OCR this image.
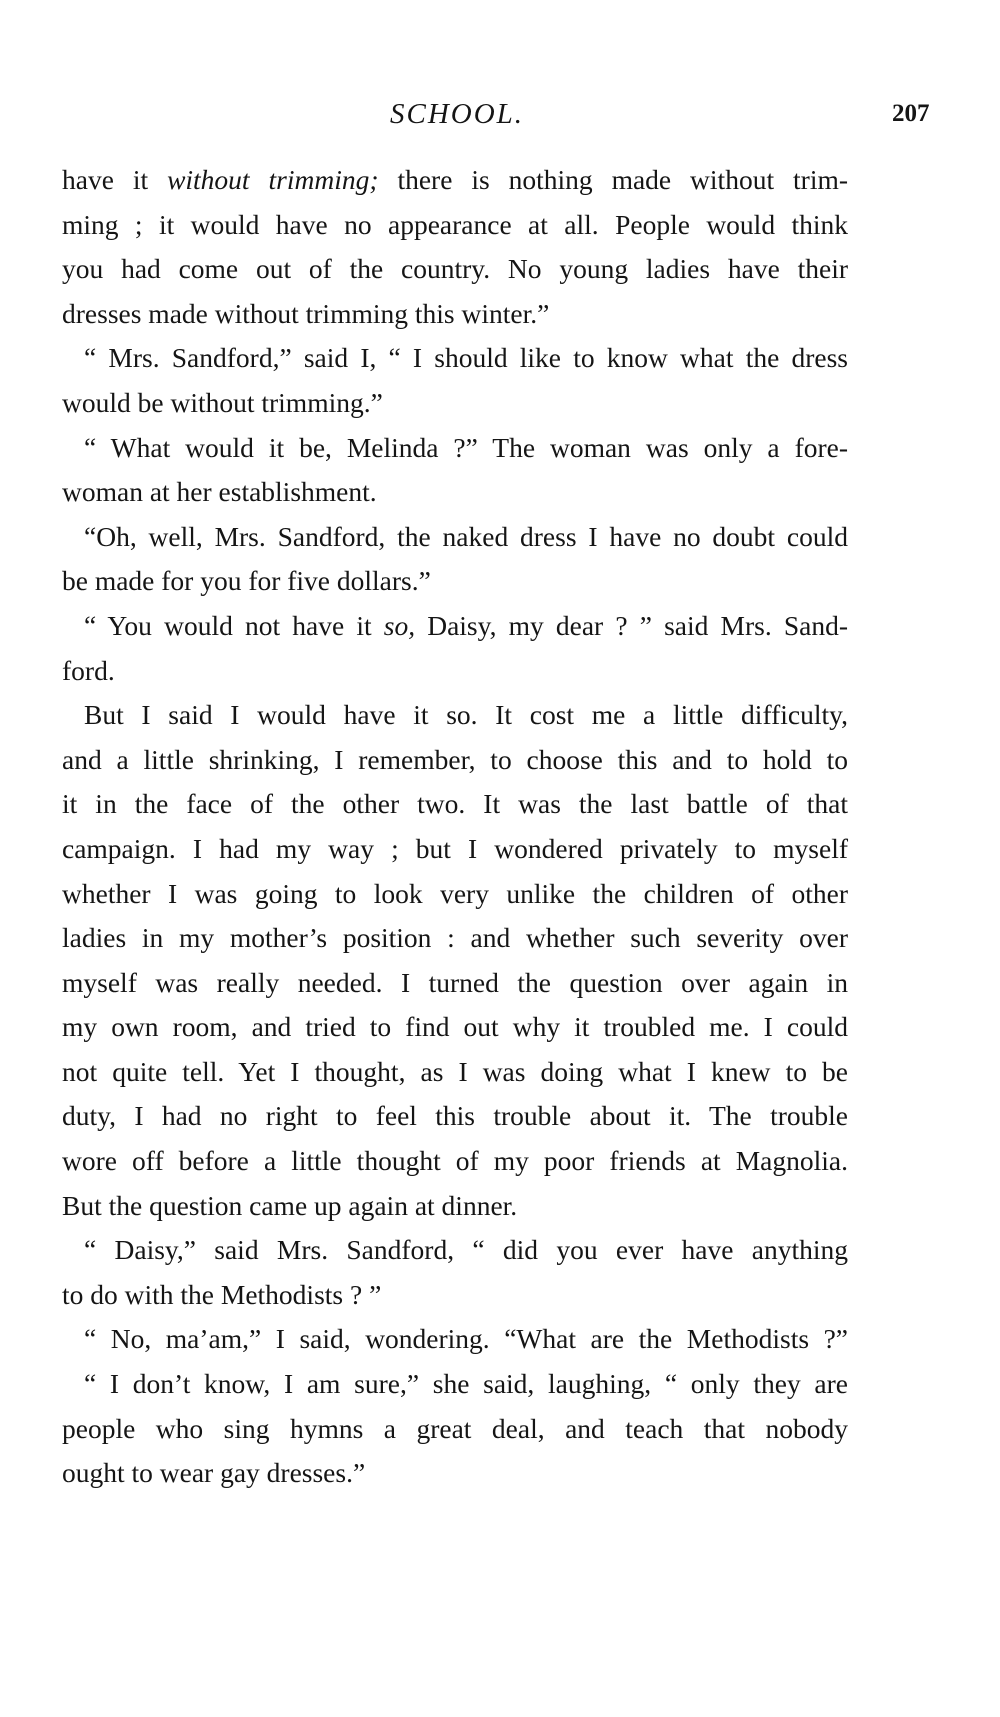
SCHOOL.	207
have it without trimming; there is nothing made without trim-
ming ; it would have no appearance at all. People would think
you had come out of the country. No young ladies have their
dresses made without trimming this winter.”
“ Mrs. Sandford,” said I, “ I should like to know what the dress
would be without trimming.”
“ What would it be, Melinda ?” The woman was only a fore-
woman at her establishment.
“Oh, well, Mrs. Sandford, the naked dress I have no doubt could
be made for you for five dollars.”
“ You would not have it so, Daisy, my dear ? ” said Mrs. Sand-
ford.
But I said I would have it so. It cost me a little difficulty,
and a little shrinking, I remember, to choose this and to hold to
it in the face of the other two. It was the last battle of that
campaign. I had my way ; but I wondered privately to myself
whether I was going to look very unlike the children of other
ladies in my mother’s position : and whether such severity over
myself was really needed. I turned the question over again in
my own room, and tried to find out why it troubled me. I could
not quite tell. Yet I thought, as I was doing what I knew to be
duty, I had no right to feel this trouble about it. The trouble
wore off before a little thought of my poor friends at Magnolia.
But the question came up again at dinner.
“ Daisy,” said Mrs. Sandford, “ did you ever have anything
to do with the Methodists ? ”
“ No, ma’am,” I said, wondering. “What are the Methodists ?”
“ I don’t know, I am sure,” she said, laughing, “ only they are
people who sing hymns a great deal, and teach that nobody
ought to wear gay dresses.”
